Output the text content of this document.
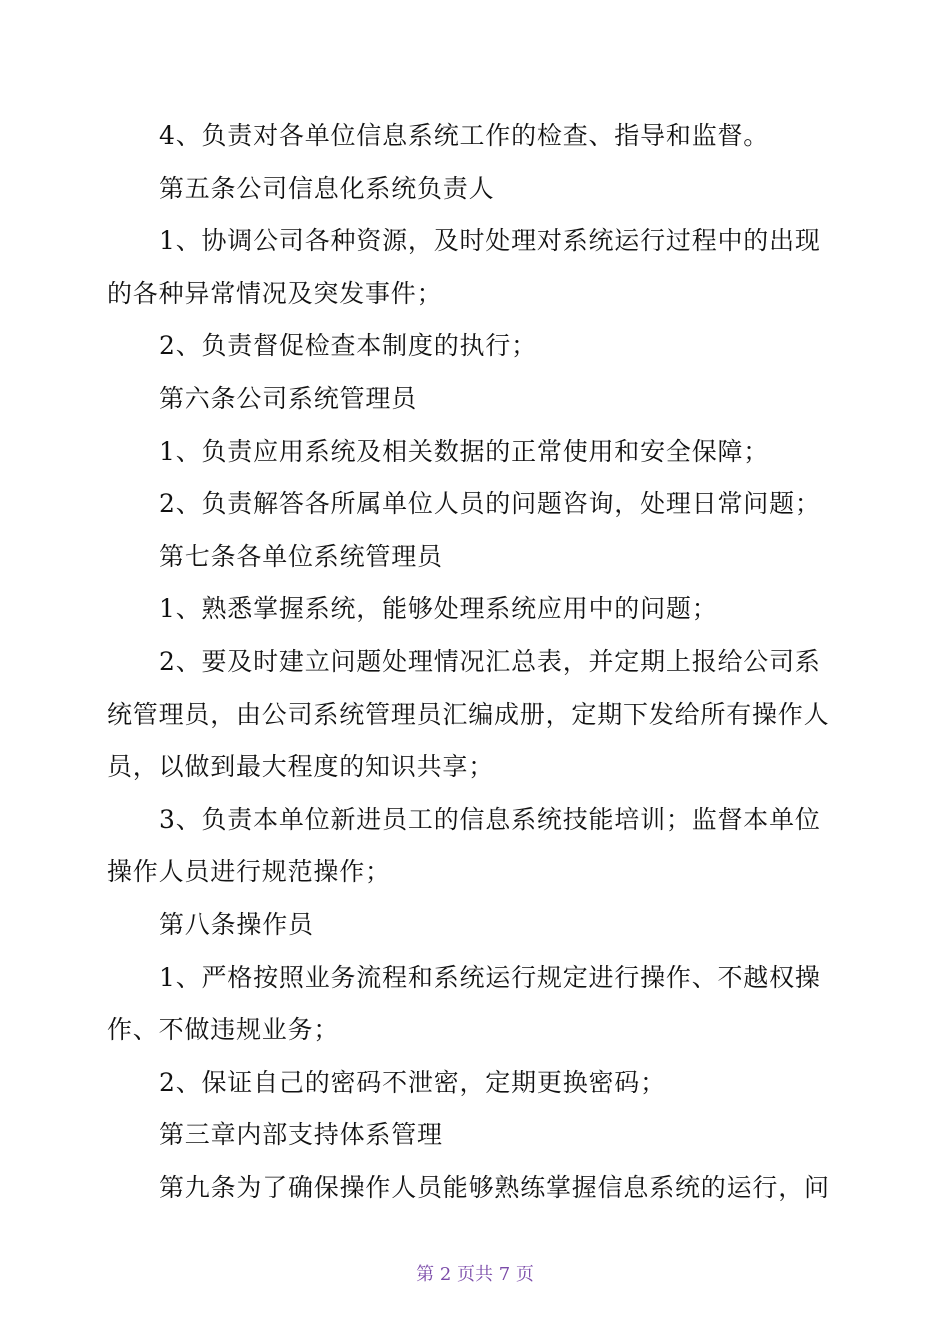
4、负责对各单位信息系统工作的检查、指导和监督。

第五条公司信息化系统负责人

1、协调公司各种资源，及时处理对系统运行过程中的出现的各种异常情况及突发事件；

2、负责督促检查本制度的执行；

第六条公司系统管理员

1、负责应用系统及相关数据的正常使用和安全保障；

2、负责解答各所属单位人员的问题咨询，处理日常问题；

第七条各单位系统管理员

1、熟悉掌握系统，能够处理系统应用中的问题；

2、要及时建立问题处理情况汇总表，并定期上报给公司系统管理员，由公司系统管理员汇编成册，定期下发给所有操作人员，以做到最大程度的知识共享；

3、负责本单位新进员工的信息系统技能培训；监督本单位操作人员进行规范操作；

第八条操作员

1、严格按照业务流程和系统运行规定进行操作、不越权操作、不做违规业务；

2、保证自己的密码不泄密，定期更换密码；

第三章内部支持体系管理

第九条为了确保操作人员能够熟练掌握信息系统的运行，问

第 2 页共 7 页
